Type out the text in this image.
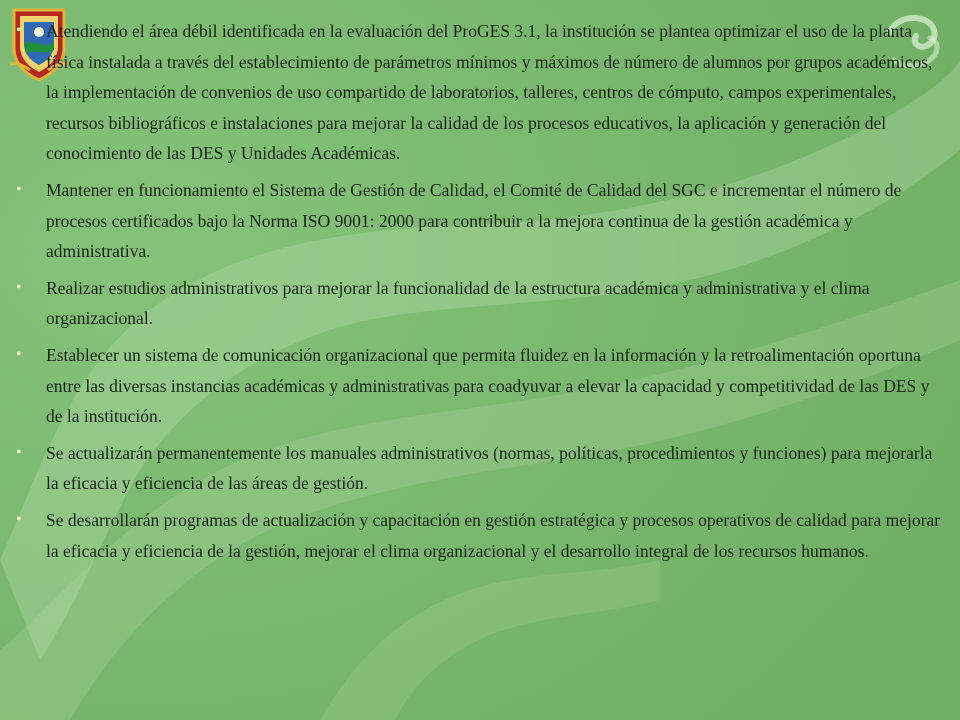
•	Atendiendo el área débil identificada en la evaluación del ProGES 3.1, la institución se plantea optimizar el uso de la planta física instalada a través del establecimiento de parámetros mínimos y máximos de número de alumnos por grupos académicos, la implementación de convenios de uso compartido de laboratorios, talleres, centros de cómputo, campos experimentales, recursos bibliográficos e instalaciones para mejorar la calidad de los procesos educativos, la aplicación y generación del conocimiento de las DES y Unidades Académicas.
•	Mantener en funcionamiento el Sistema de Gestión de Calidad, el Comité de Calidad del SGC e incrementar el número de procesos certificados bajo la Norma ISO 9001: 2000 para contribuir a la mejora continua de la gestión académica y administrativa.
•	Realizar estudios administrativos para mejorar la funcionalidad de la estructura académica y administrativa y el clima organizacional.
•	Establecer un sistema de comunicación organizacional que permita fluidez en la información y la retroalimentación oportuna entre las diversas instancias académicas y administrativas para coadyuvar a elevar la capacidad y competitividad de las DES y de la institución.
•	Se actualizarán permanentemente los manuales administrativos (normas, políticas, procedimientos y funciones) para mejorarla la eficacia y eficiencia de las áreas de gestión.
•	Se desarrollarán programas de actualización y capacitación en gestión estratégica y procesos operativos de calidad para mejorar la eficacia y eficiencia de la gestión, mejorar el clima organizacional y el desarrollo integral de los recursos humanos.
